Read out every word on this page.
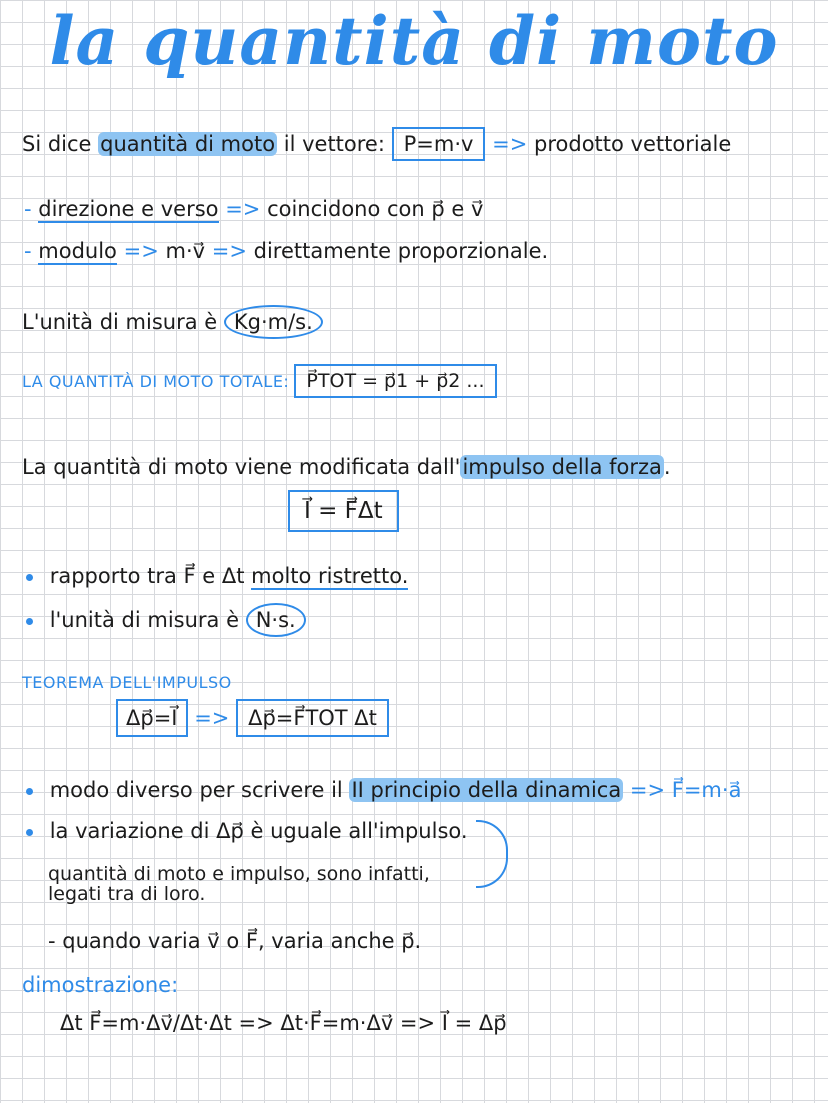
la quantità di moto
Si dice quantità di moto il vettore: P=m·v => prodotto vettoriale
- direzione e verso => coincidono con p⃗ e v⃗
- modulo => m·v⃗ => direttamente proporzionale.
L'unità di misura è Kg·m/s.
LA QUANTITÀ DI MOTO TOTALE: P⃗TOT = p⃗1 + p⃗2 ...
La quantità di moto viene modificata dall'impulso della forza.
I⃗ = F⃗Δt
rapporto tra F⃗ e Δt molto ristretto.
l'unità di misura è N·s.
TEOREMA DELL'IMPULSO
Δp⃗=I⃗ => Δp⃗=F⃗TOT Δt
modo diverso per scrivere il II principio della dinamica => F⃗=m·a⃗
la variazione di Δp⃗ è uguale all'impulso.
quantità di moto e impulso, sono infatti,
legati tra di loro.
- quando varia v⃗ o F⃗, varia anche p⃗.
dimostrazione:
Δt F⃗=m·Δv⃗/Δt·Δt => Δt·F⃗=m·Δv⃗ => I⃗ = Δp⃗
